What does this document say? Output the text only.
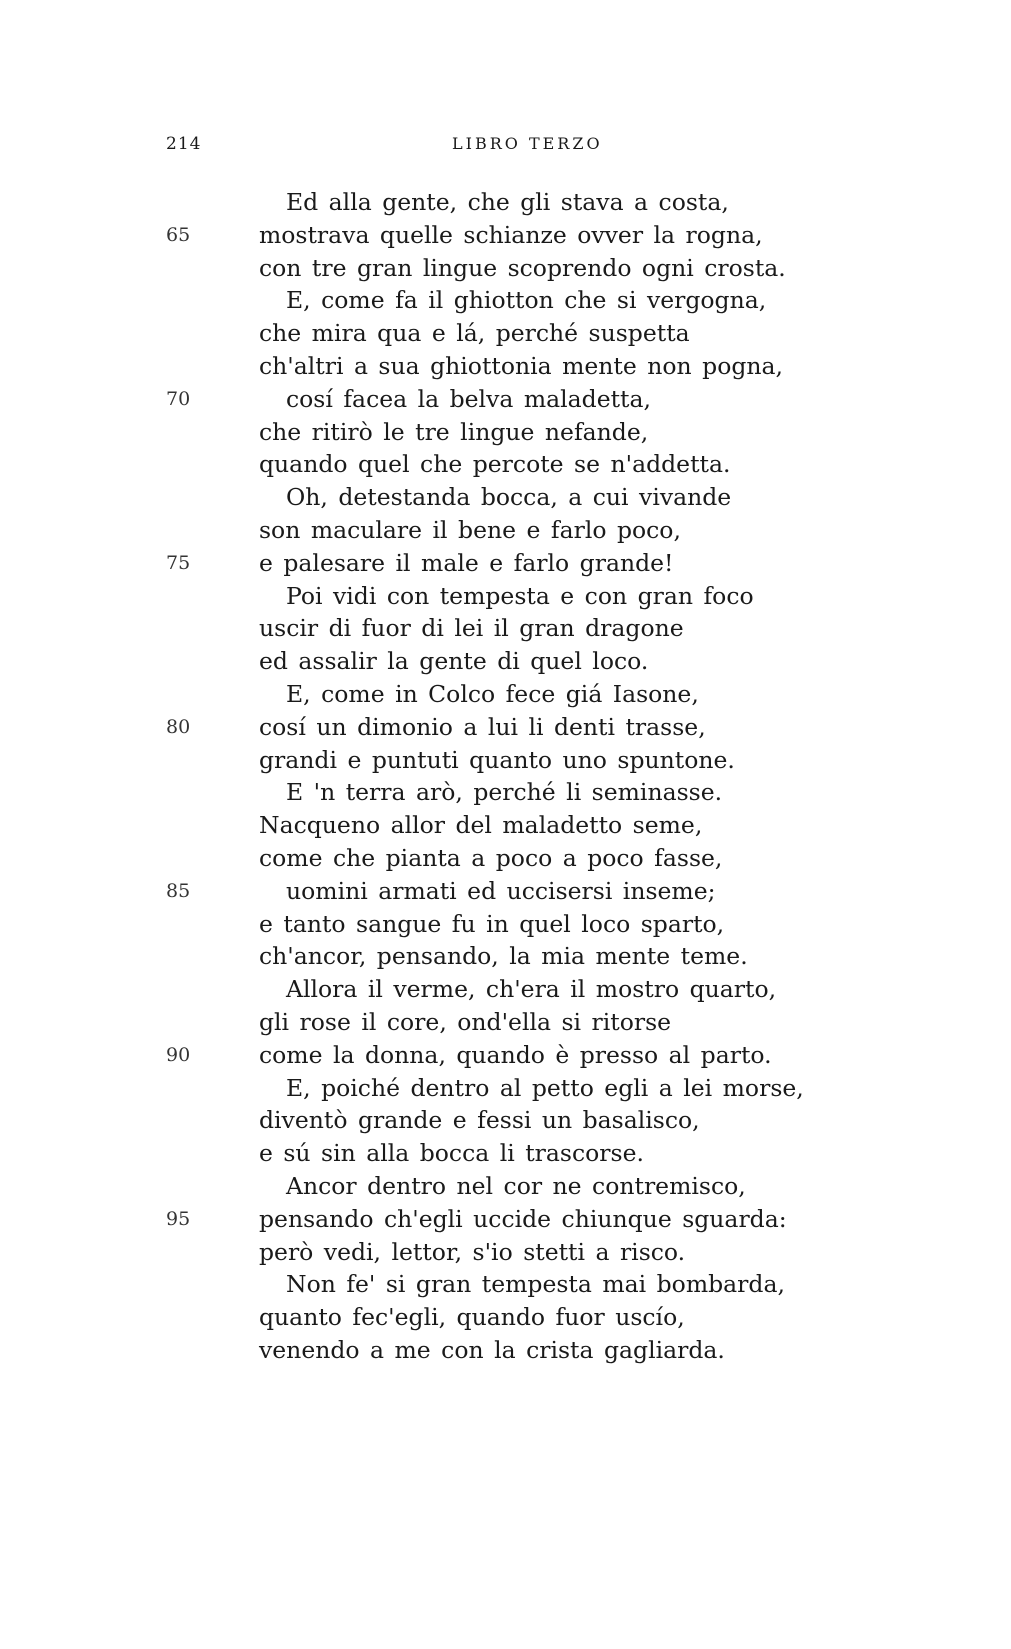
214	LIBRO TERZO
Ed alla gente, che gli stava a costa,
65	mostrava quelle schianze ovver la rogna,
con tre gran lingue scoprendo ogni crosta.
E, come fa il ghiotton che si vergogna,
che mira qua e lá, perché suspetta
ch'altri a sua ghiottonia mente non pogna,
70	cosí facea la belva maladetta,
che ritirò le tre lingue nefande,
quando quel che percote se n'addetta.
Oh, detestanda bocca, a cui vivande
son maculare il bene e farlo poco,
75	e palesare il male e farlo grande!
Poi vidi con tempesta e con gran foco
uscir di fuor di lei il gran dragone
ed assalir la gente di quel loco.
E, come in Colco fece giá Iasone,
80	cosí un dimonio a lui li denti trasse,
grandi e puntuti quanto uno spuntone.
E 'n terra arò, perché li seminasse.
Nacqueno allor del maladetto seme,
come che pianta a poco a poco fasse,
85	uomini armati ed uccisersi inseme;
e tanto sangue fu in quel loco sparto,
ch'ancor, pensando, la mia mente teme.
Allora il verme, ch'era il mostro quarto,
gli rose il core, ond'ella si ritorse
90	come la donna, quando è presso al parto.
E, poiché dentro al petto egli a lei morse,
diventò grande e fessi un basalisco,
e sú sin alla bocca li trascorse.
Ancor dentro nel cor ne contremisco,
95	pensando ch'egli uccide chiunque sguarda:
però vedi, lettor, s'io stetti a risco.
Non fe' si gran tempesta mai bombarda,
quanto fec'egli, quando fuor uscío,
venendo a me con la crista gagliarda.
